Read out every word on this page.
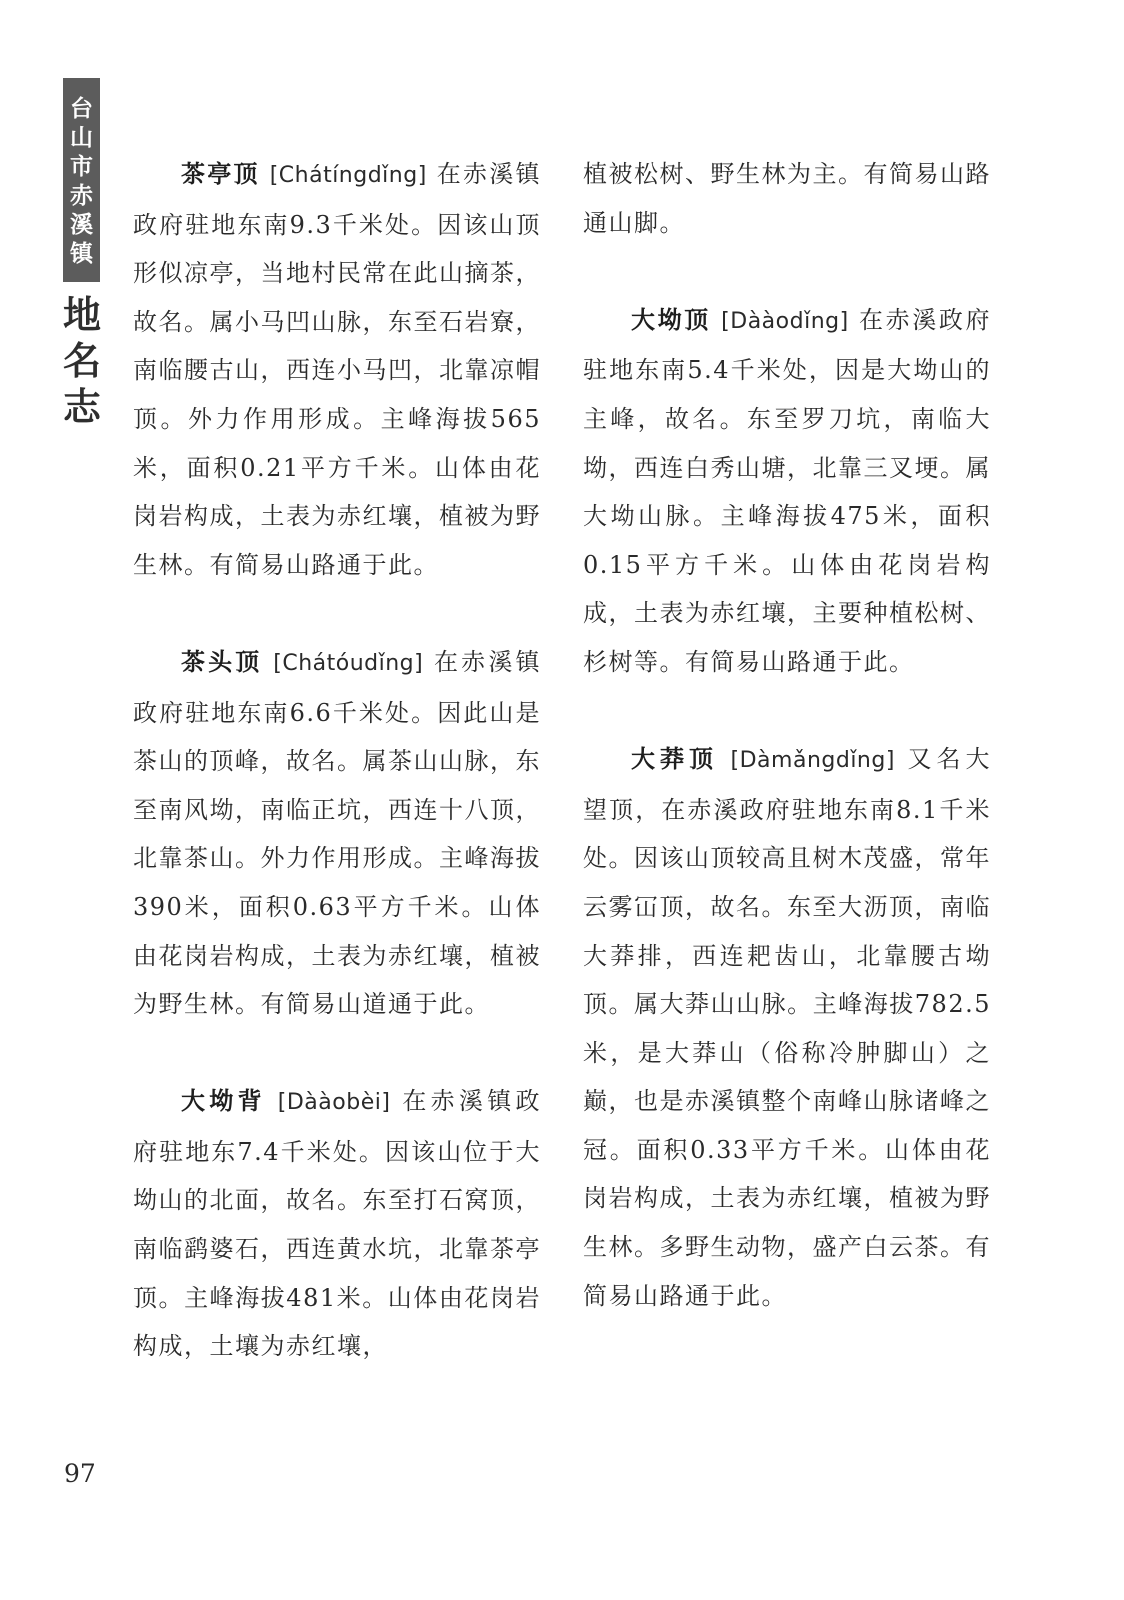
台山市赤溪镇
地名志

茶亭顶 [Chátíngdǐng] 在赤溪镇政府驻地东南9.3千米处。因该山顶形似凉亭，当地村民常在此山摘茶，故名。属小马凹山脉，东至石岩寮，南临腰古山，西连小马凹，北靠凉帽顶。外力作用形成。主峰海拔565米，面积0.21平方千米。山体由花岗岩构成，土表为赤红壤，植被为野生林。有简易山路通于此。

茶头顶 [Chátóudǐng] 在赤溪镇政府驻地东南6.6千米处。因此山是茶山的顶峰，故名。属茶山山脉，东至南风坳，南临正坑，西连十八顶，北靠茶山。外力作用形成。主峰海拔390米，面积0.63平方千米。山体由花岗岩构成，土表为赤红壤，植被为野生林。有简易山道通于此。

大坳背 [Dààobèi] 在赤溪镇政府驻地东7.4千米处。因该山位于大坳山的北面，故名。东至打石窝顶，南临鹞婆石，西连黄水坑，北靠茶亭顶。主峰海拔481米。山体由花岗岩构成，土壤为赤红壤，

植被松树、野生林为主。有简易山路通山脚。

大坳顶 [Dààodǐng] 在赤溪政府驻地东南5.4千米处，因是大坳山的主峰，故名。东至罗刀坑，南临大坳，西连白秀山塘，北靠三叉埂。属大坳山脉。主峰海拔475米，面积0.15平方千米。山体由花岗岩构成，土表为赤红壤，主要种植松树、杉树等。有简易山路通于此。

大莽顶 [Dàmǎngdǐng] 又名大望顶，在赤溪政府驻地东南8.1千米处。因该山顶较高且树木茂盛，常年云雾冚顶，故名。东至大沥顶，南临大莽排，西连耙齿山，北靠腰古坳顶。属大莽山山脉。主峰海拔782.5米，是大莽山（俗称冷肿脚山）之巅，也是赤溪镇整个南峰山脉诸峰之冠。面积0.33平方千米。山体由花岗岩构成，土表为赤红壤，植被为野生林。多野生动物，盛产白云茶。有简易山路通于此。

97
